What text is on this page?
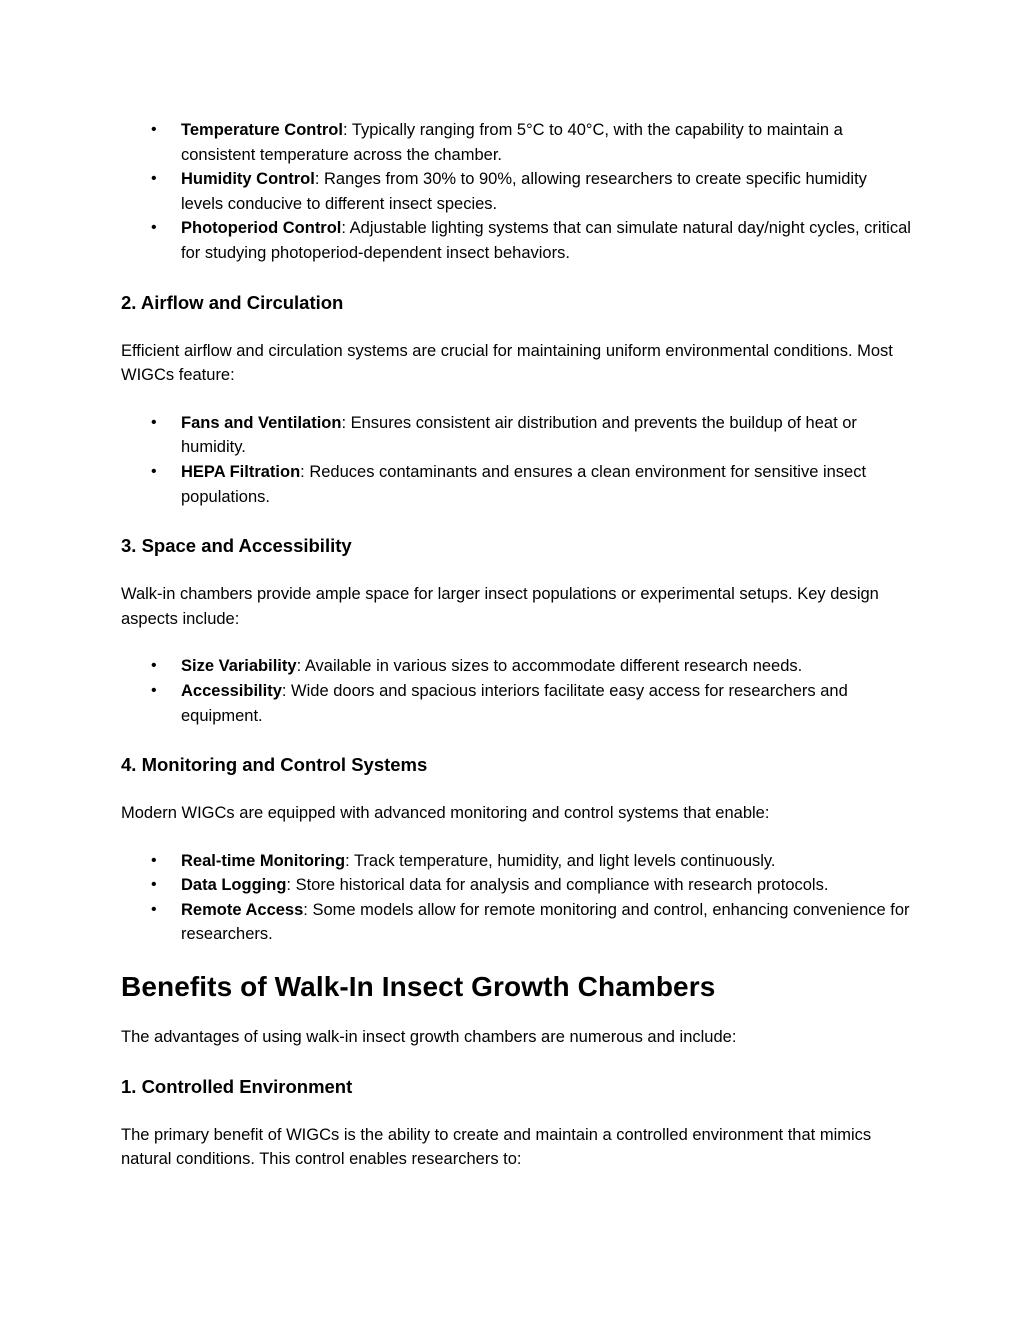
• Temperature Control: Typically ranging from 5°C to 40°C, with the capability to maintain a consistent temperature across the chamber.
• Humidity Control: Ranges from 30% to 90%, allowing researchers to create specific humidity levels conducive to different insect species.
• Photoperiod Control: Adjustable lighting systems that can simulate natural day/night cycles, critical for studying photoperiod-dependent insect behaviors.
2. Airflow and Circulation

Efficient airflow and circulation systems are crucial for maintaining uniform environmental conditions. Most WIGCs feature:

• Fans and Ventilation: Ensures consistent air distribution and prevents the buildup of heat or humidity.
• HEPA Filtration: Reduces contaminants and ensures a clean environment for sensitive insect populations.
3. Space and Accessibility

Walk-in chambers provide ample space for larger insect populations or experimental setups. Key design aspects include:

• Size Variability: Available in various sizes to accommodate different research needs.
• Accessibility: Wide doors and spacious interiors facilitate easy access for researchers and equipment.
4. Monitoring and Control Systems

Modern WIGCs are equipped with advanced monitoring and control systems that enable:

• Real-time Monitoring: Track temperature, humidity, and light levels continuously.
• Data Logging: Store historical data for analysis and compliance with research protocols.
• Remote Access: Some models allow for remote monitoring and control, enhancing convenience for researchers.
Benefits of Walk-In Insect Growth Chambers

The advantages of using walk-in insect growth chambers are numerous and include:

1. Controlled Environment

The primary benefit of WIGCs is the ability to create and maintain a controlled environment that mimics natural conditions. This control enables researchers to:
